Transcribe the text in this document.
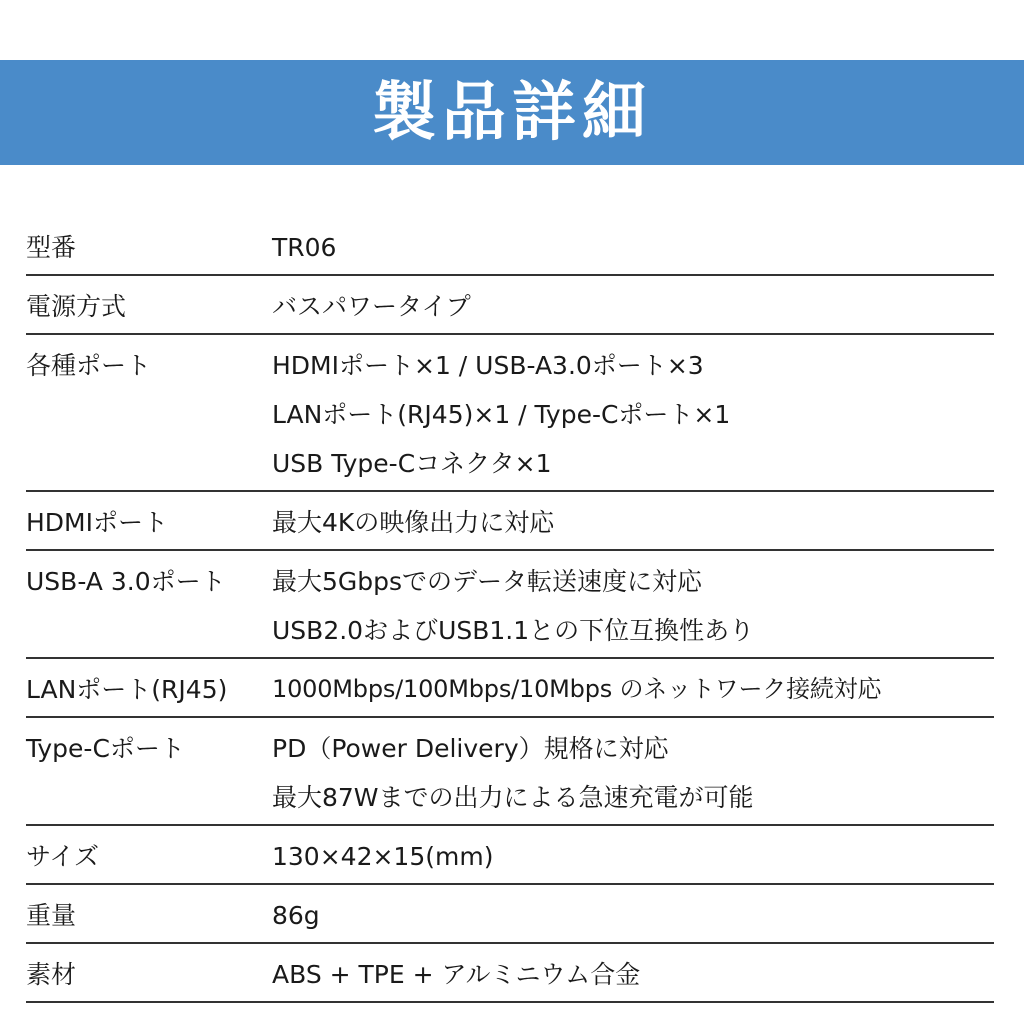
製品詳細
型番	TR06
電源方式	バスパワータイプ
各種ポート	HDMIポート×1 / USB-A3.0ポート×3
LANポート(RJ45)×1 / Type-Cポート×1
USB Type-Cコネクタ×1
HDMIポート	最大4Kの映像出力に対応
USB-A 3.0ポート	最大5Gbpsでのデータ転送速度に対応
USB2.0およびUSB1.1との下位互換性あり
LANポート(RJ45)	1000Mbps/100Mbps/10Mbps のネットワーク接続対応
Type-Cポート	PD（Power Delivery）規格に対応
最大87Wまでの出力による急速充電が可能
サイズ	130×42×15(mm)
重量	86g
素材	ABS + TPE + アルミニウム合金
